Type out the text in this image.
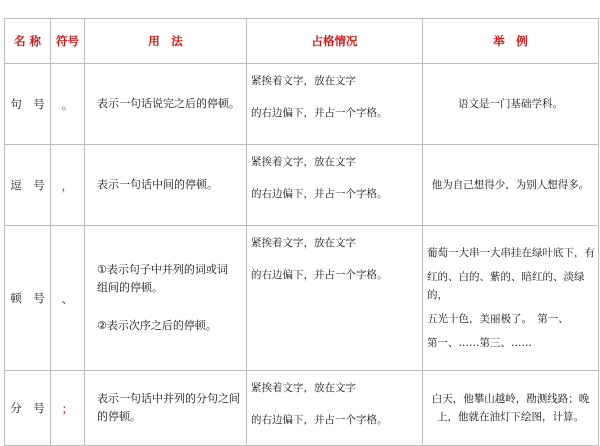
名 称	符号	用　法	占格情况	举　例
句　号	。	表示一句话说完之后的停顿。	紧挨着文字，放在文字
的右边偏下，并占一个字格。	语文是一门基础学科。

逗　号	，	表示一句话中间的停顿。	紧挨着文字，放在文字
的右边偏下，并占一个字格。	他为自己想得少，为别人想得多。

顿　号	、	①表示句子中并列的词或词
组间的停顿。
②表示次序之后的停顿。	紧挨着文字，放在文字
的右边偏下，并占一个字格。	葡萄一大串一大串挂在绿叶底下，有
红的、白的、紫的、暗红的、淡绿的，
五光十色，美丽极了。　第一、
第一、……第三、……

分　号	；	表示一句话中并列的分句之间
的停顿。	紧挨着文字，放在文字
的右边偏下，并占一个字格。	白天，他攀山越岭，勘测线路；晚
上，他就在油灯下绘图，计算。
